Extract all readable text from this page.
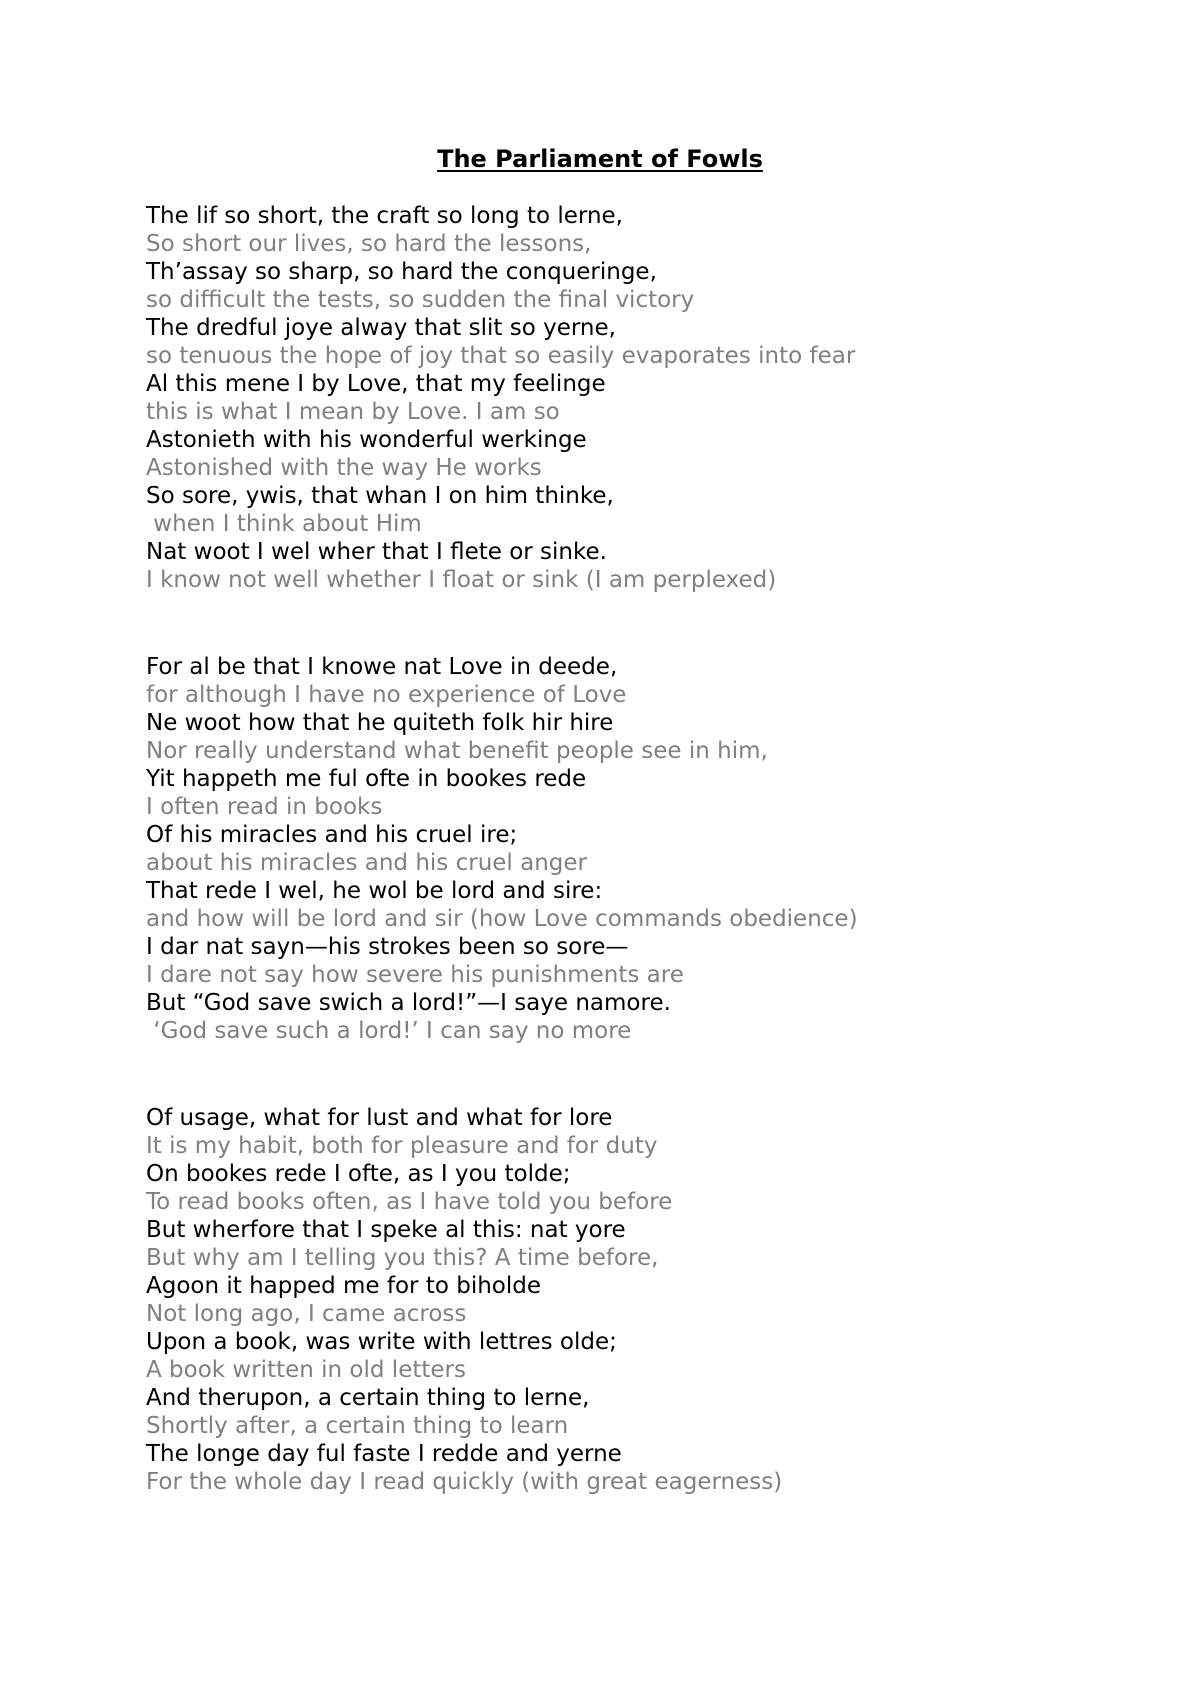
The Parliament of Fowls
The lif so short, the craft so long to lerne,
So short our lives, so hard the lessons,
Th’assay so sharp, so hard the conqueringe,
so difficult the tests, so sudden the final victory
The dredful joye alway that slit so yerne,
so tenuous the hope of joy that so easily evaporates into fear
Al this mene I by Love, that my feelinge
this is what I mean by Love. I am so
Astonieth with his wonderful werkinge
Astonished with the way He works
So sore, ywis, that whan I on him thinke,
when I think about Him
Nat woot I wel wher that I flete or sinke.
I know not well whether I float or sink (I am perplexed)
For al be that I knowe nat Love in deede,
for although I have no experience of Love
Ne woot how that he quiteth folk hir hire
Nor really understand what benefit people see in him,
Yit happeth me ful ofte in bookes rede
I often read in books
Of his miracles and his cruel ire;
about his miracles and his cruel anger
That rede I wel, he wol be lord and sire:
and how will be lord and sir (how Love commands obedience)
I dar nat sayn—his strokes been so sore—
I dare not say how severe his punishments are
But “God save swich a lord!”—I saye namore.
‘God save such a lord!’ I can say no more
Of usage, what for lust and what for lore
It is my habit, both for pleasure and for duty
On bookes rede I ofte, as I you tolde;
To read books often, as I have told you before
But wherfore that I speke al this: nat yore
But why am I telling you this? A time before,
Agoon it happed me for to biholde
Not long ago, I came across
Upon a book, was write with lettres olde;
A book written in old letters
And therupon, a certain thing to lerne,
Shortly after, a certain thing to learn
The longe day ful faste I redde and yerne
For the whole day I read quickly (with great eagerness)
